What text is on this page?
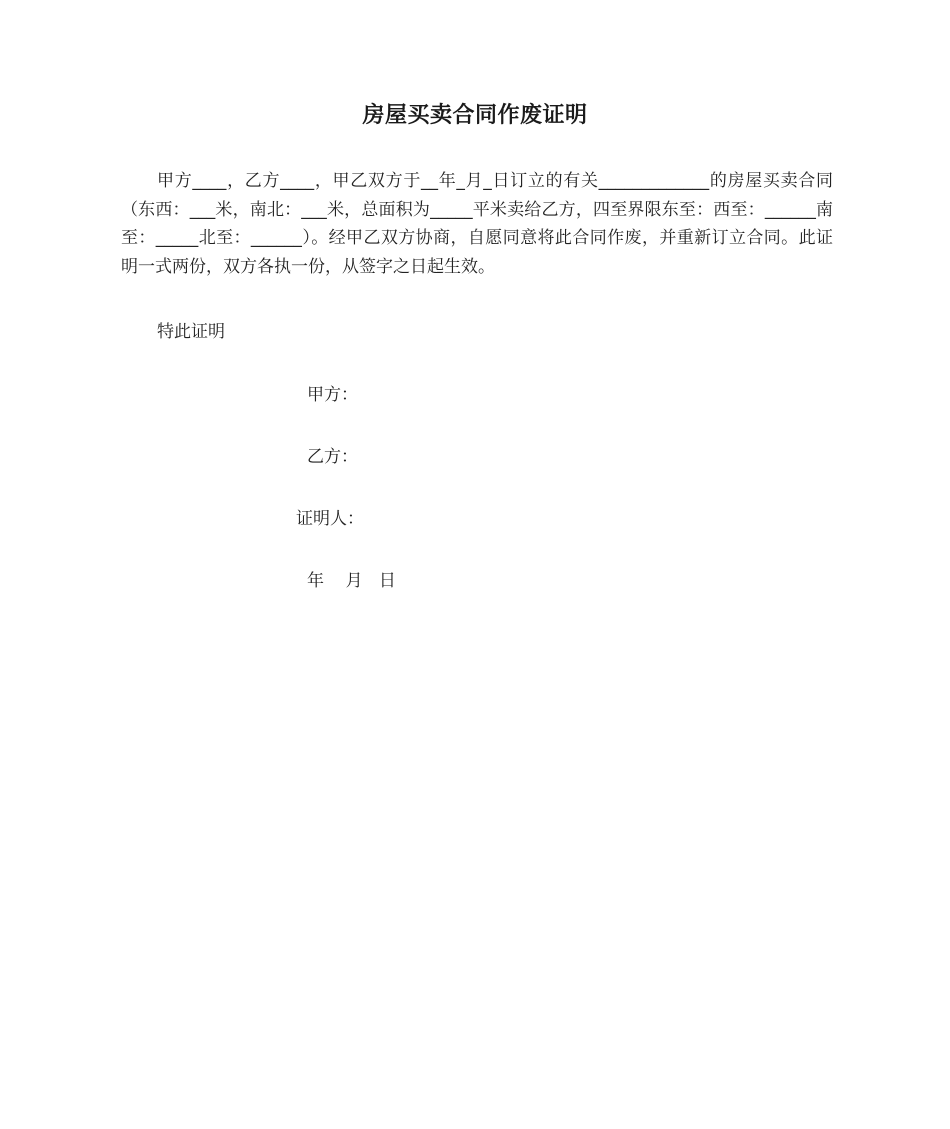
房屋买卖合同作废证明

甲方____，乙方____，甲乙双方于__年_月_日订立的有关_____________的房屋买卖合同（东西：___米，南北：___米，总面积为_____平米卖给乙方，四至界限东至：西至：______南至：_____北至：______）。经甲乙双方协商，自愿同意将此合同作废，并重新订立合同。此证明一式两份，双方各执一份，从签字之日起生效。

特此证明
甲方：
乙方：
证明人：
年    月   日
